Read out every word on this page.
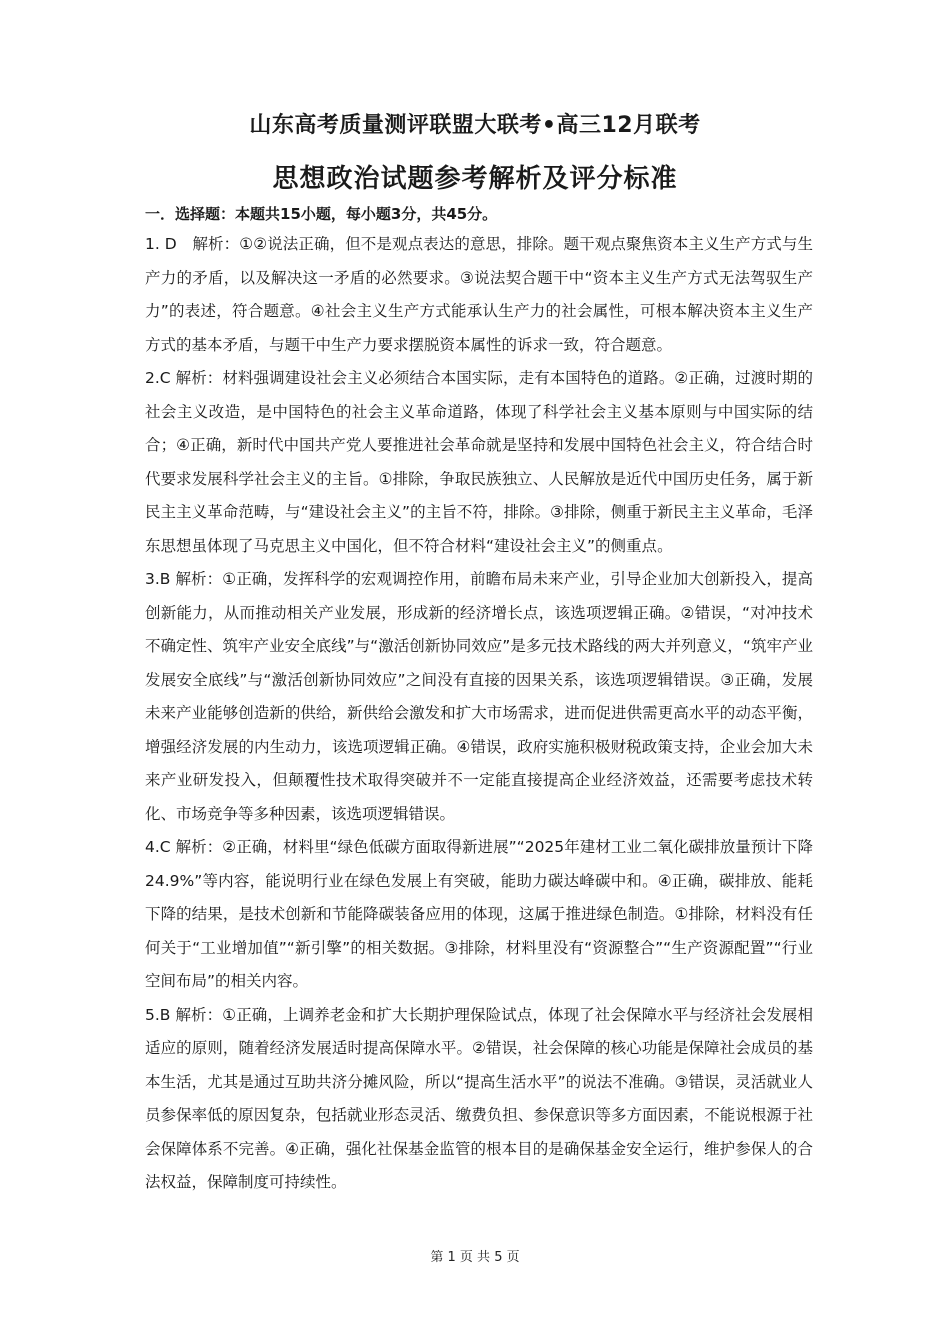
山东高考质量测评联盟大联考•高三12月联考
思想政治试题参考解析及评分标准
一．选择题：本题共15小题，每小题3分，共45分。

1. D　解析：①②说法正确，但不是观点表达的意思，排除。题干观点聚焦资本主义生产方式与生产力的矛盾，以及解决这一矛盾的必然要求。③说法契合题干中“资本主义生产方式无法驾驭生产力”的表述，符合题意。④社会主义生产方式能承认生产力的社会属性，可根本解决资本主义生产方式的基本矛盾，与题干中生产力要求摆脱资本属性的诉求一致，符合题意。

2.C 解析：材料强调建设社会主义必须结合本国实际，走有本国特色的道路。②正确，过渡时期的社会主义改造，是中国特色的社会主义革命道路，体现了科学社会主义基本原则与中国实际的结合；④正确，新时代中国共产党人要推进社会革命就是坚持和发展中国特色社会主义，符合结合时代要求发展科学社会主义的主旨。①排除，争取民族独立、人民解放是近代中国历史任务，属于新民主主义革命范畴，与“建设社会主义”的主旨不符，排除。③排除，侧重于新民主主义革命，毛泽东思想虽体现了马克思主义中国化，但不符合材料“建设社会主义”的侧重点。

3.B 解析：①正确，发挥科学的宏观调控作用，前瞻布局未来产业，引导企业加大创新投入，提高创新能力，从而推动相关产业发展，形成新的经济增长点，该选项逻辑正确。②错误，“对冲技术不确定性、筑牢产业安全底线”与“激活创新协同效应”是多元技术路线的两大并列意义，“筑牢产业发展安全底线”与“激活创新协同效应”之间没有直接的因果关系，该选项逻辑错误。③正确，发展未来产业能够创造新的供给，新供给会激发和扩大市场需求，进而促进供需更高水平的动态平衡，增强经济发展的内生动力，该选项逻辑正确。④错误，政府实施积极财税政策支持，企业会加大未来产业研发投入，但颠覆性技术取得突破并不一定能直接提高企业经济效益，还需要考虑技术转化、市场竞争等多种因素，该选项逻辑错误。

4.C 解析：②正确，材料里“绿色低碳方面取得新进展”“2025年建材工业二氧化碳排放量预计下降24.9%”等内容，能说明行业在绿色发展上有突破，能助力碳达峰碳中和。④正确，碳排放、能耗下降的结果，是技术创新和节能降碳装备应用的体现，这属于推进绿色制造。①排除，材料没有任何关于“工业增加值”“新引擎”的相关数据。③排除，材料里没有“资源整合”“生产资源配置”“行业空间布局”的相关内容。

5.B 解析：①正确，上调养老金和扩大长期护理保险试点，体现了社会保障水平与经济社会发展相适应的原则，随着经济发展适时提高保障水平。②错误，社会保障的核心功能是保障社会成员的基本生活，尤其是通过互助共济分摊风险，所以“提高生活水平”的说法不准确。③错误，灵活就业人员参保率低的原因复杂，包括就业形态灵活、缴费负担、参保意识等多方面因素，不能说根源于社会保障体系不完善。④正确，强化社保基金监管的根本目的是确保基金安全运行，维护参保人的合法权益，保障制度可持续性。

第 1 页 共 5 页
